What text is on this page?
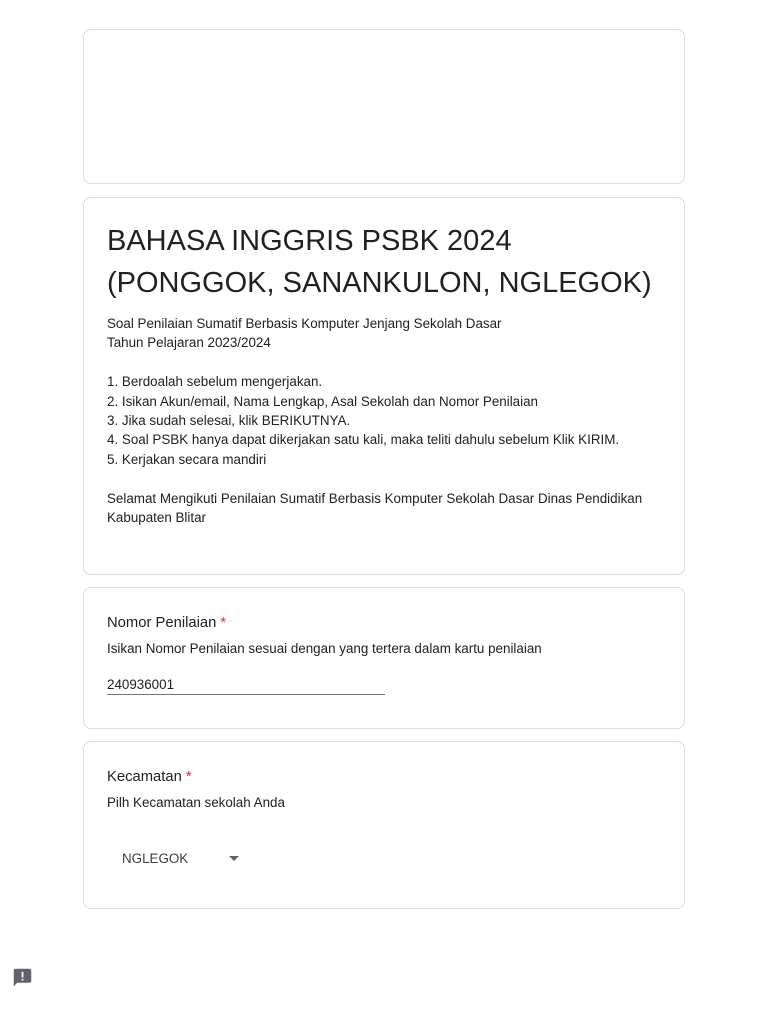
BAHASA INGGRIS PSBK 2024 (PONGGOK, SANANKULON, NGLEGOK)

Soal Penilaian Sumatif Berbasis Komputer Jenjang Sekolah Dasar
Tahun Pelajaran 2023/2024

1. Berdoalah sebelum mengerjakan.
2. Isikan Akun/email, Nama Lengkap, Asal Sekolah dan Nomor Penilaian
3. Jika sudah selesai, klik BERIKUTNYA.
4. Soal PSBK hanya dapat dikerjakan satu kali, maka teliti dahulu sebelum Klik KIRIM.
5. Kerjakan secara mandiri

Selamat Mengikuti Penilaian Sumatif Berbasis Komputer Sekolah Dasar Dinas Pendidikan Kabupaten Blitar

Nomor Penilaian *
Isikan Nomor Penilaian sesuai dengan yang tertera dalam kartu penilaian
240936001
Kecamatan *
Pilh Kecamatan sekolah Anda
NGLEGOK
